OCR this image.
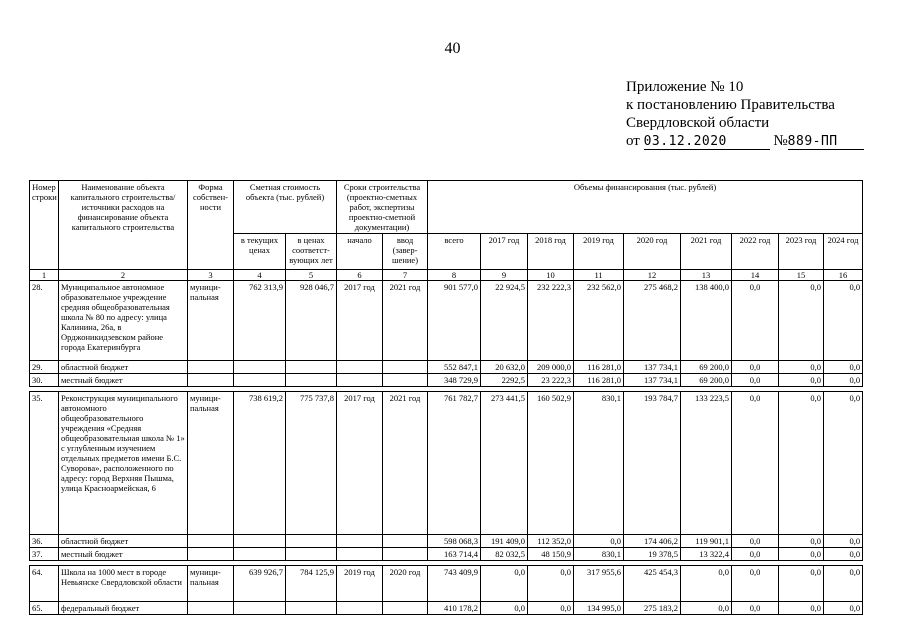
40
Приложение № 10
к постановлению Правительства
Свердловской области
от 03.12.2020	№889-ПП
Номер строки	Наименование объекта капитального строительства/ источники расходов на финансирование объекта капитального строительства	Форма собствен-ности	Сметная стоимость объекта (тыс. рублей)		Сроки строительства (проектно-сметных работ, экспертизы проектно-сметной документации)		Объемы финансирования (тыс. рублей)								
			в текущих ценах	в ценах соответст-вующих лет	начало	ввод (завер-шение)	всего	2017 год	2018 год	2019 год	2020 год	2021 год	2022 год	2023 год	2024 год
1	2	3	4	5	6	7	8	9	10	11	12	13	14	15	16
28.	Муниципальное автономное образовательное учреждение средняя общеобразовательная школа № 80 по адресу: улица Калинина, 26а, в Орджоникидзевском районе города Екатеринбурга	муници-пальная	762 313,9	928 046,7	2017 год	2021 год	901 577,0	22 924,5	232 222,3	232 562,0	275 468,2	138 400,0	0,0	0,0	0,0
29.	областной бюджет						552 847,1	20 632,0	209 000,0	116 281,0	137 734,1	69 200,0	0,0	0,0	0,0
30.	местный бюджет						348 729,9	2292,5	23 222,3	116 281,0	137 734,1	69 200,0	0,0	0,0	0,0

35.	Реконструкция муниципального автономного общеобразовательного учреждения «Средняя общеобразовательная школа № 1» с углубленным изучением отдельных предметов имени Б.С. Суворова», расположенного по адресу: город Верхняя Пышма, улица Красноармейская, 6	муници-пальная	738 619,2	775 737,8	2017 год	2021 год	761 782,7	273 441,5	160 502,9	830,1	193 784,7	133 223,5	0,0	0,0	0,0
36.	областной бюджет						598 068,3	191 409,0	112 352,0	0,0	174 406,2	119 901,1	0,0	0,0	0,0
37.	местный бюджет						163 714,4	82 032,5	48 150,9	830,1	19 378,5	13 322,4	0,0	0,0	0,0

64.	Школа на 1000 мест в городе Невьянске Свердловской области	муници-пальная	639 926,7	784 125,9	2019 год	2020 год	743 409,9	0,0	0,0	317 955,6	425 454,3	0,0	0,0	0,0	0,0
65.	федеральный бюджет						410 178,2	0,0	0,0	134 995,0	275 183,2	0,0	0,0	0,0	0,0
